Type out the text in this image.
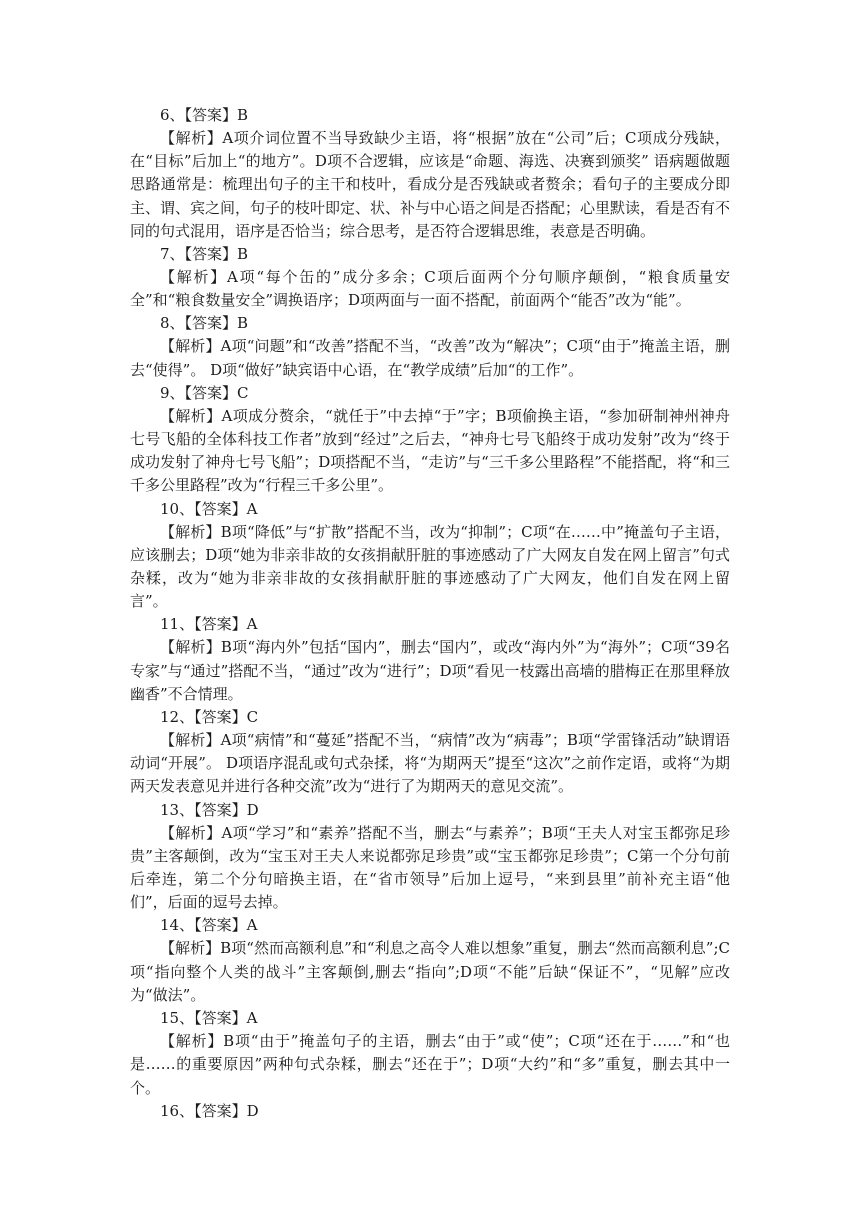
6、【答案】B

【解析】A项介词位置不当导致缺少主语，将“根据”放在“公司”后；C项成分残缺，在“目标”后加上“的地方”。D项不合逻辑，应该是“命题、海选、决赛到颁奖” 语病题做题思路通常是：梳理出句子的主干和枝叶，看成分是否残缺或者赘余；看句子的主要成分即主、谓、宾之间，句子的枝叶即定、状、补与中心语之间是否搭配；心里默读，看是否有不同的句式混用，语序是否恰当；综合思考，是否符合逻辑思维，表意是否明确。

7、【答案】B

【解析】A项“每个缶的”成分多余；C项后面两个分句顺序颠倒，“粮食质量安全”和“粮食数量安全”调换语序；D项两面与一面不搭配，前面两个“能否”改为“能”。

8、【答案】B

【解析】A项“问题”和“改善”搭配不当，“改善”改为“解决”；C项“由于”掩盖主语，删去“使得”。 D项“做好”缺宾语中心语，在“教学成绩”后加“的工作”。

9、【答案】C

【解析】A项成分赘余，“就任于”中去掉“于”字；B项偷换主语，“参加研制神州神舟七号飞船的全体科技工作者”放到“经过”之后去，“神舟七号飞船终于成功发射”改为“终于成功发射了神舟七号飞船”；D项搭配不当，“走访”与“三千多公里路程”不能搭配，将“和三千多公里路程”改为“行程三千多公里”。

10、【答案】A

【解析】B项“降低”与“扩散”搭配不当，改为“抑制”；C项“在……中”掩盖句子主语，应该删去；D项“她为非亲非故的女孩捐献肝脏的事迹感动了广大网友自发在网上留言”句式杂糅，改为“她为非亲非故的女孩捐献肝脏的事迹感动了广大网友，他们自发在网上留言”。

11、【答案】A

【解析】B项“海内外”包括“国内”，删去“国内”，或改“海内外”为“海外”；C项“39名专家”与“通过”搭配不当，“通过”改为“进行”；D项“看见一枝露出高墙的腊梅正在那里释放幽香”不合情理。

12、【答案】C

【解析】A项“病情”和“蔓延”搭配不当，“病情”改为“病毒”；B项“学雷锋活动”缺谓语动词“开展”。 D项语序混乱或句式杂揉，将“为期两天”提至“这次”之前作定语，或将“为期两天发表意见并进行各种交流”改为“进行了为期两天的意见交流”。

13、【答案】D

【解析】A项“学习”和“素养”搭配不当，删去“与素养”；B项“王夫人对宝玉都弥足珍贵”主客颠倒，改为“宝玉对王夫人来说都弥足珍贵”或“宝玉都弥足珍贵”；C第一个分句前后牵连，第二个分句暗换主语，在“省市领导”后加上逗号，“来到县里”前补充主语“他们”，后面的逗号去掉。

14、【答案】A

【解析】B项“然而高额利息”和“利息之高令人难以想象”重复，删去“然而高额利息”;C项“指向整个人类的战斗”主客颠倒,删去“指向”;D项“不能”后缺“保证不”，“见解”应改为“做法”。

15、【答案】A

【解析】B项“由于”掩盖句子的主语，删去“由于”或“使”；C项“还在于……”和“也是……的重要原因”两种句式杂糅，删去“还在于”；D项“大约”和“多”重复，删去其中一个。

16、【答案】D
